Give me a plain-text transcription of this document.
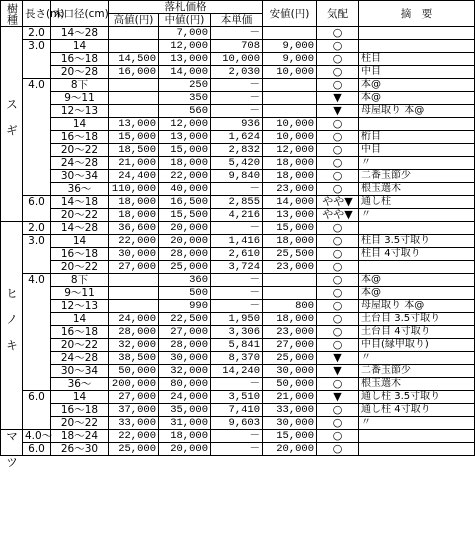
樹種	長さ(m)	末口径(cm)	落札価格			安値(円)	気配	摘　要
			高値(円)	中値(円)	本単価			
スギ	2.0	14～28		7,000	－		○	
	3.0	14		12,000	708	9,000	○	
		16～18	14,500	13,000	10,000	9,000	○	柱目
		20～28	16,000	14,000	2,030	10,000	○	中目
	4.0	8下		250	－		○	本@
		9～11		350	－		▼	本@
		12～13		560	－		▼	母屋取り 本@
		14	13,000	12,000	936	10,000	○	
		16～18	15,000	13,000	1,624	10,000	○	桁目
		20～22	18,500	15,000	2,832	12,000	○	中目
		24～28	21,000	18,000	5,420	18,000	○	〃
		30～34	24,400	22,000	9,840	18,000	○	二番玉節少
		36～	110,000	40,000	－	23,000	○	根玉選木
	6.0	14～18	18,000	16,500	2,855	14,000	やや▼	通し柱
		20～22	18,000	15,500	4,216	13,000	やや▼	〃
ヒノキ	2.0	14～28	36,600	20,000	－	15,000	○	
	3.0	14	22,000	20,000	1,416	18,000	○	柱目 3.5寸取り
		16～18	30,000	28,000	2,610	25,500	○	柱目 4寸取り
		20～22	27,000	25,000	3,724	23,000	○	
	4.0	8下		360	－		○	本@
		9～11		500	－		○	本@
		12～13		990	－	800	○	母屋取り 本@
		14	24,000	22,500	1,950	18,000	○	土台目 3.5寸取り
		16～18	28,000	27,000	3,306	23,000	○	土台目 4寸取り
		20～22	32,000	28,000	5,841	27,000	○	中目(縁甲取り)
		24～28	38,500	30,000	8,370	25,000	▼	〃
		30～34	50,000	32,000	14,240	30,000	▼	二番玉節少
		36～	200,000	80,000	－	50,000	○	根玉選木
	6.0	14	27,000	24,000	3,510	21,000	▼	通し柱 3.5寸取り
		16～18	37,000	35,000	7,410	33,000	○	通し柱 4寸取り
		20～22	33,000	31,000	9,603	30,000	○	〃
マツ	4.0～	18～24	22,000	18,000	－	15,000	○	
	6.0	26～30	25,000	20,000	－	20,000	○	
